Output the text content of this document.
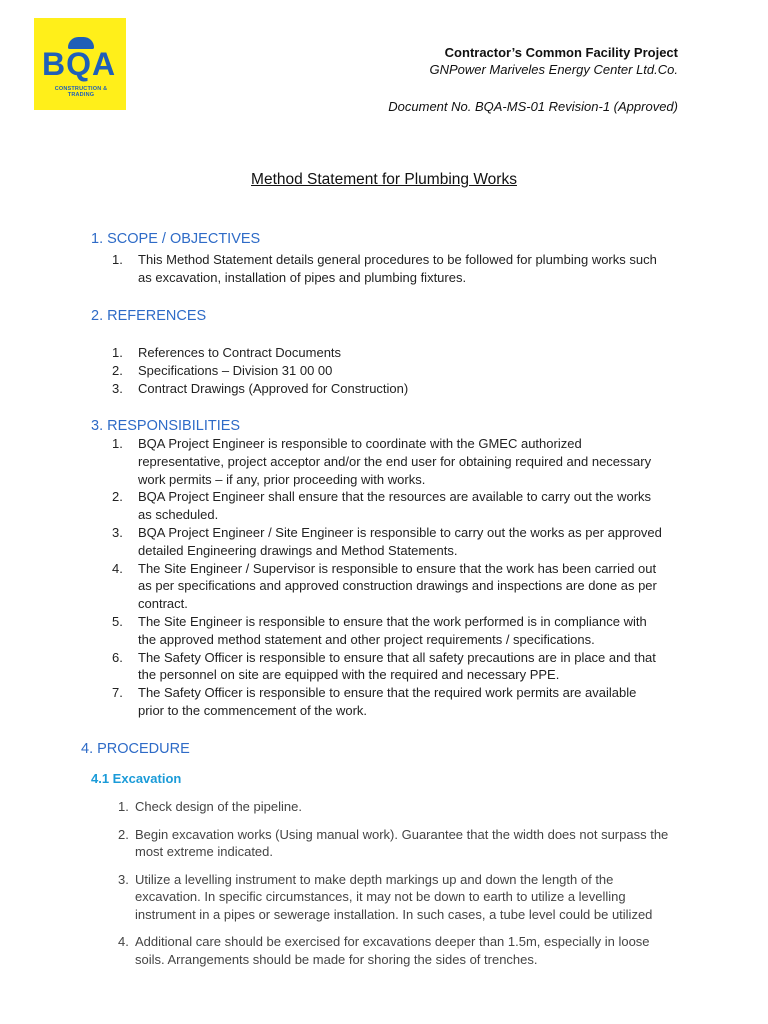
BQA
CONSTRUCTION & TRADING
Contractor’s Common Facility Project
GNPower Mariveles Energy Center Ltd.Co.
Document No. BQA-MS-01 Revision-1 (Approved)
Method Statement for Plumbing Works
1. SCOPE / OBJECTIVES
1. This Method Statement details general procedures to be followed for plumbing works such as excavation, installation of pipes and plumbing fixtures.
2. REFERENCES
1. References to Contract Documents
2. Specifications – Division 31 00 00
3. Contract Drawings (Approved for Construction)
3. RESPONSIBILITIES
1. BQA Project Engineer is responsible to coordinate with the GMEC authorized representative, project acceptor and/or the end user for obtaining required and necessary work permits – if any, prior proceeding with works.
2. BQA Project Engineer shall ensure that the resources are available to carry out the works as scheduled.
3. BQA Project Engineer / Site Engineer is responsible to carry out the works as per approved detailed Engineering drawings and Method Statements.
4. The Site Engineer / Supervisor is responsible to ensure that the work has been carried out as per specifications and approved construction drawings and inspections are done as per contract.
5. The Site Engineer is responsible to ensure that the work performed is in compliance with the approved method statement and other project requirements / specifications.
6. The Safety Officer is responsible to ensure that all safety precautions are in place and that the personnel on site are equipped with the required and necessary PPE.
7. The Safety Officer is responsible to ensure that the required work permits are available prior to the commencement of the work.
4. PROCEDURE
4.1 Excavation
1. Check design of the pipeline.
2. Begin excavation works (Using manual work). Guarantee that the width does not surpass the most extreme indicated.
3. Utilize a levelling instrument to make depth markings up and down the length of the excavation. In specific circumstances, it may not be down to earth to utilize a levelling instrument in a pipes or sewerage installation. In such cases, a tube level could be utilized
4. Additional care should be exercised for excavations deeper than 1.5m, especially in loose soils. Arrangements should be made for shoring the sides of trenches.
